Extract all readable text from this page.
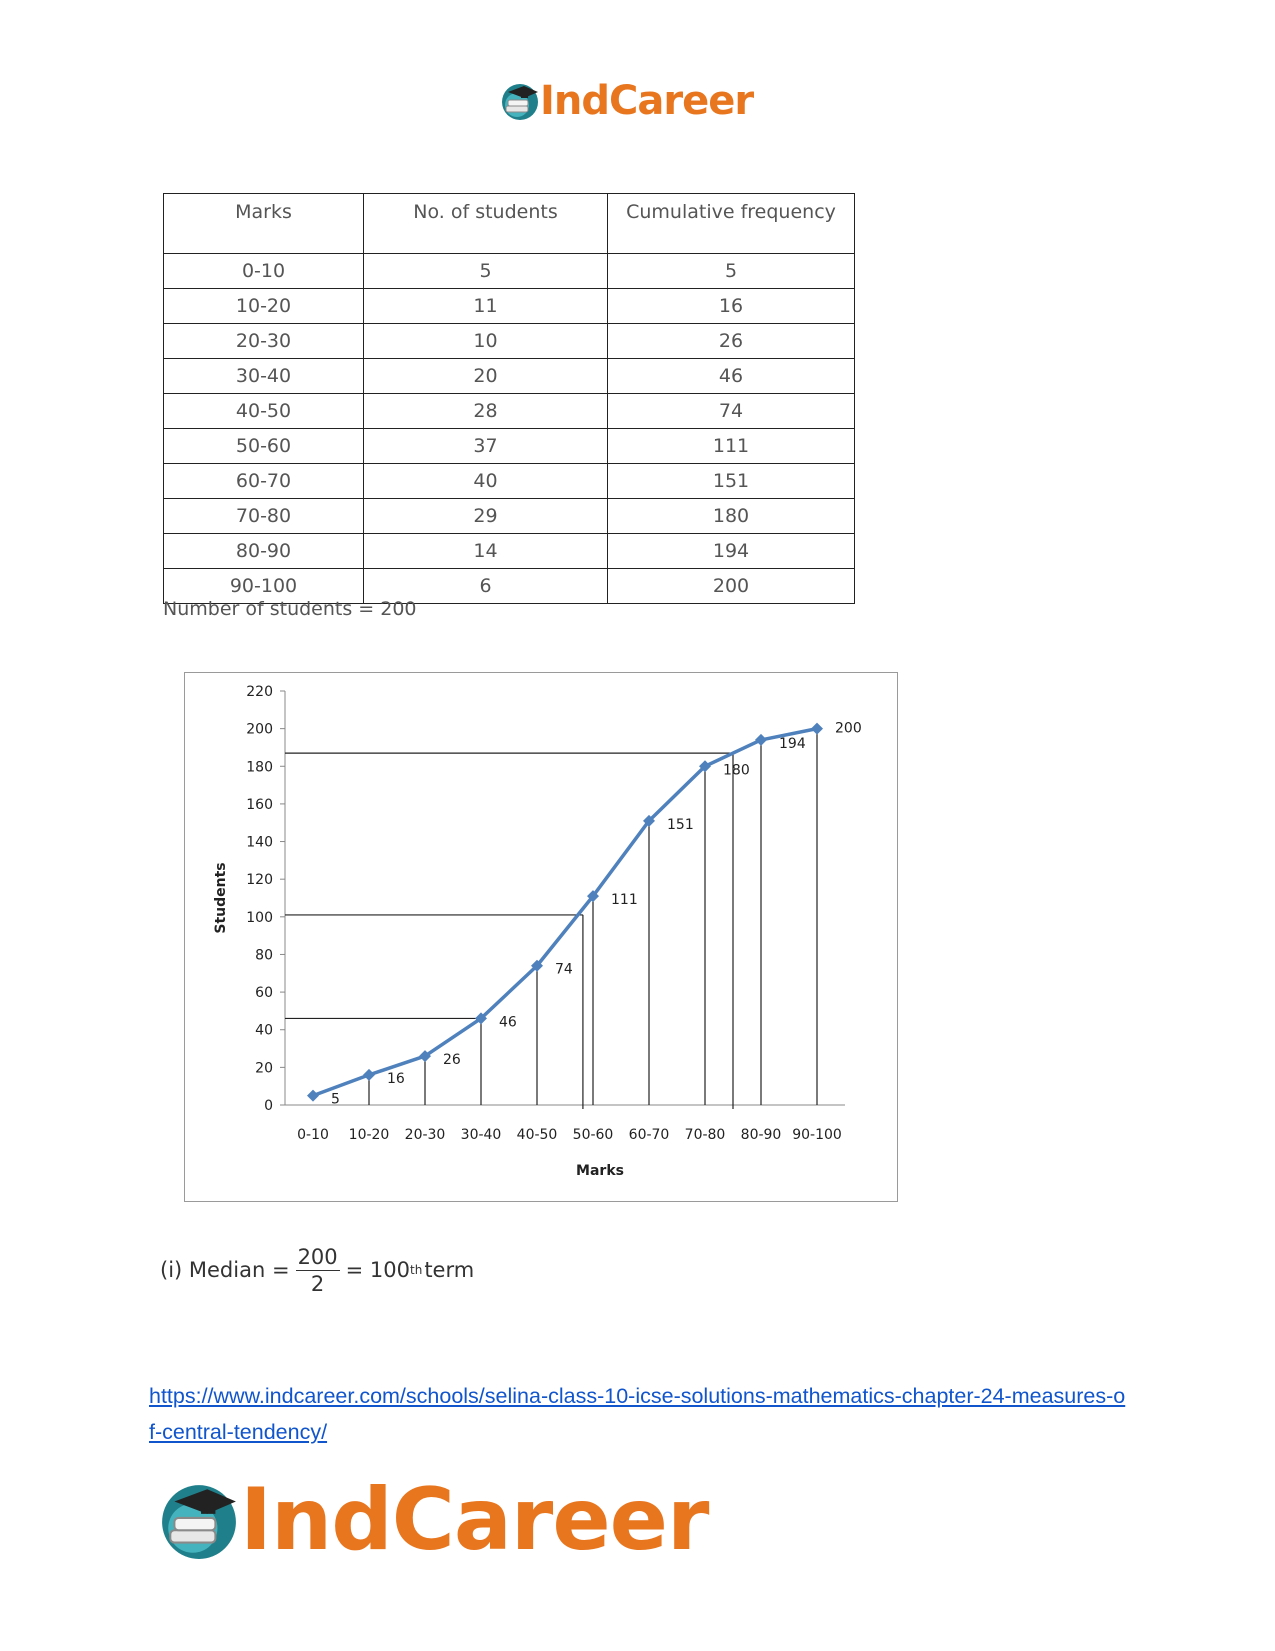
IndCareer
Marks	No. of students	Cumulative frequency
0-10	5	5
10-20	11	16
20-30	10	26
30-40	20	46
40-50	28	74
50-60	37	111
60-70	40	151
70-80	29	180
80-90	14	194
90-100	6	200
Number of students = 200
0
20
40
60
80
100
120
140
160
180
200
220
0-10 10-20 20-30 30-40 40-50 50-60 60-70 70-80 80-90 90-100
Marks
Students
5
16
26
46
74
111
151
180
194
200
(i) Median = $\frac{200}{2} = 100$ th term
https://www.indcareer.com/schools/selina-class-10-icse-solutions-mathematics-chapter-24-measures-of-central-tendency/
IndCareer
